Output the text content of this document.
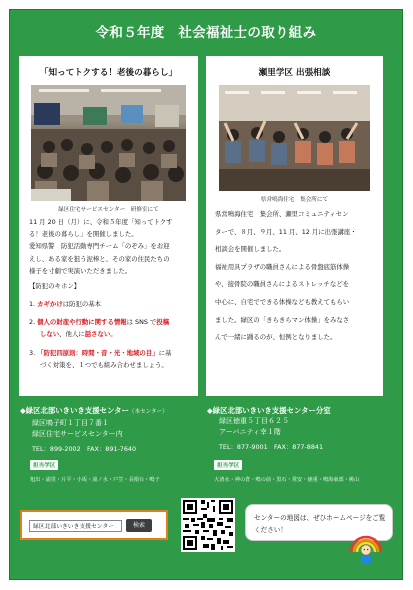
令和５年度　社会福祉士の取り組み
「知ってトクする！老後の暮らし」
緑区住宅サービスセンター　研修室にて
11 月 20 日（月）に、令和５年度「知ってトクす
る！老後の暮らし」を開催しました。
愛知県警　防犯活動専門チーム「のぞみ」をお迎
えし、ある家を狙う泥棒と、その家の住民たちの
様子を寸劇で実演いただきました。
【防犯のキホン】
1. カギかけは防犯の基本
2. 個人の財産や行動に関する情報は SNS で投稿
しない、他人に話さない。
3. 「防犯四原則：時間・音・光・地域の目」に基
づく対策を、１つでも組み合わせましょう。
瀬里学区 出張相談
県営鳴海住宅　集会所にて
県営鳴海住宅　集会所、瀬里コミュニティセン
ターで、８月、９月、11 月、12 月に出張講座・
相談会を開催しました。
福祉用具プラザの職員さんによる骨盤底筋体操
や、接骨院の職員さんによるストレッチなどを
中心に、自宅でできる体操なども教えてもらい
ました。緑区の「きらきらマン体操」をみなさ
んで一緒に踊るのが、恒例となりました。
◆緑区北部いきいき支援センター（本センター）
緑区鳴子町１丁目７番１
緑区住宅サービスセンター内
TEL：899-2002　FAX：891-7640
担当学区
旭出・浦里・片平・小坂・滝ノ水・戸笠・長根台・鳴子
◆緑区北部いきいき支援センター分室
緑区徳重５丁目６２５
アーバニティ幸１階
TEL：877-9001　FAX：877-8841
担当学区
大清水・神の倉・鳴の前・黒石・常安・徳重・鳴海東部・桃山
緑区北部いきいき支援センター	検索
センターの地図は、ぜひホームページをご覧ください！
